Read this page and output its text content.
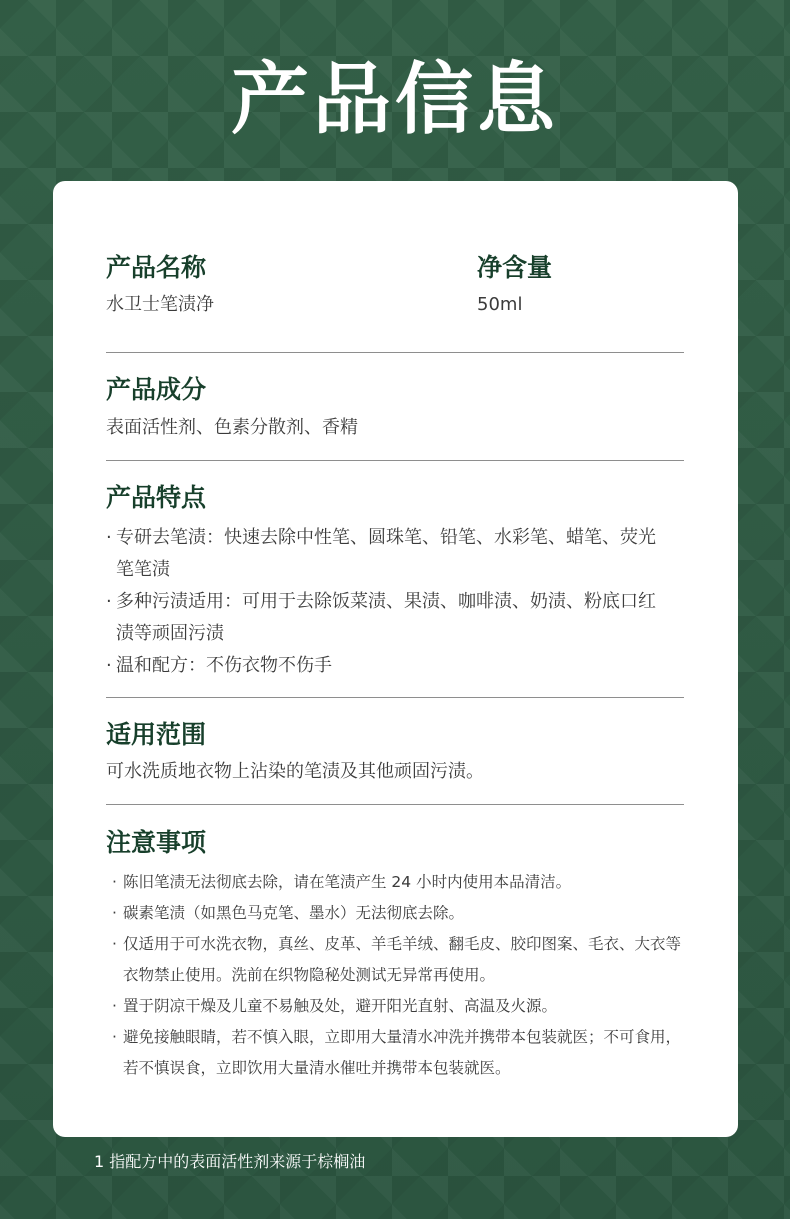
产品信息
产品名称
水卫士笔渍净
净含量
50ml
产品成分
表面活性剂、色素分散剂、香精
产品特点
· 专研去笔渍：快速去除中性笔、圆珠笔、铅笔、水彩笔、蜡笔、荧光笔笔渍
· 多种污渍适用：可用于去除饭菜渍、果渍、咖啡渍、奶渍、粉底口红渍等顽固污渍
· 温和配方：不伤衣物不伤手
适用范围
可水洗质地衣物上沾染的笔渍及其他顽固污渍。
注意事项
· 陈旧笔渍无法彻底去除，请在笔渍产生 24 小时内使用本品清洁。
· 碳素笔渍（如黑色马克笔、墨水）无法彻底去除。
· 仅适用于可水洗衣物，真丝、皮革、羊毛羊绒、翻毛皮、胶印图案、毛衣、大衣等衣物禁止使用。洗前在织物隐秘处测试无异常再使用。
· 置于阴凉干燥及儿童不易触及处，避开阳光直射、高温及火源。
· 避免接触眼睛，若不慎入眼，立即用大量清水冲洗并携带本包装就医；不可食用，若不慎误食，立即饮用大量清水催吐并携带本包装就医。
1 指配方中的表面活性剂来源于棕榈油
